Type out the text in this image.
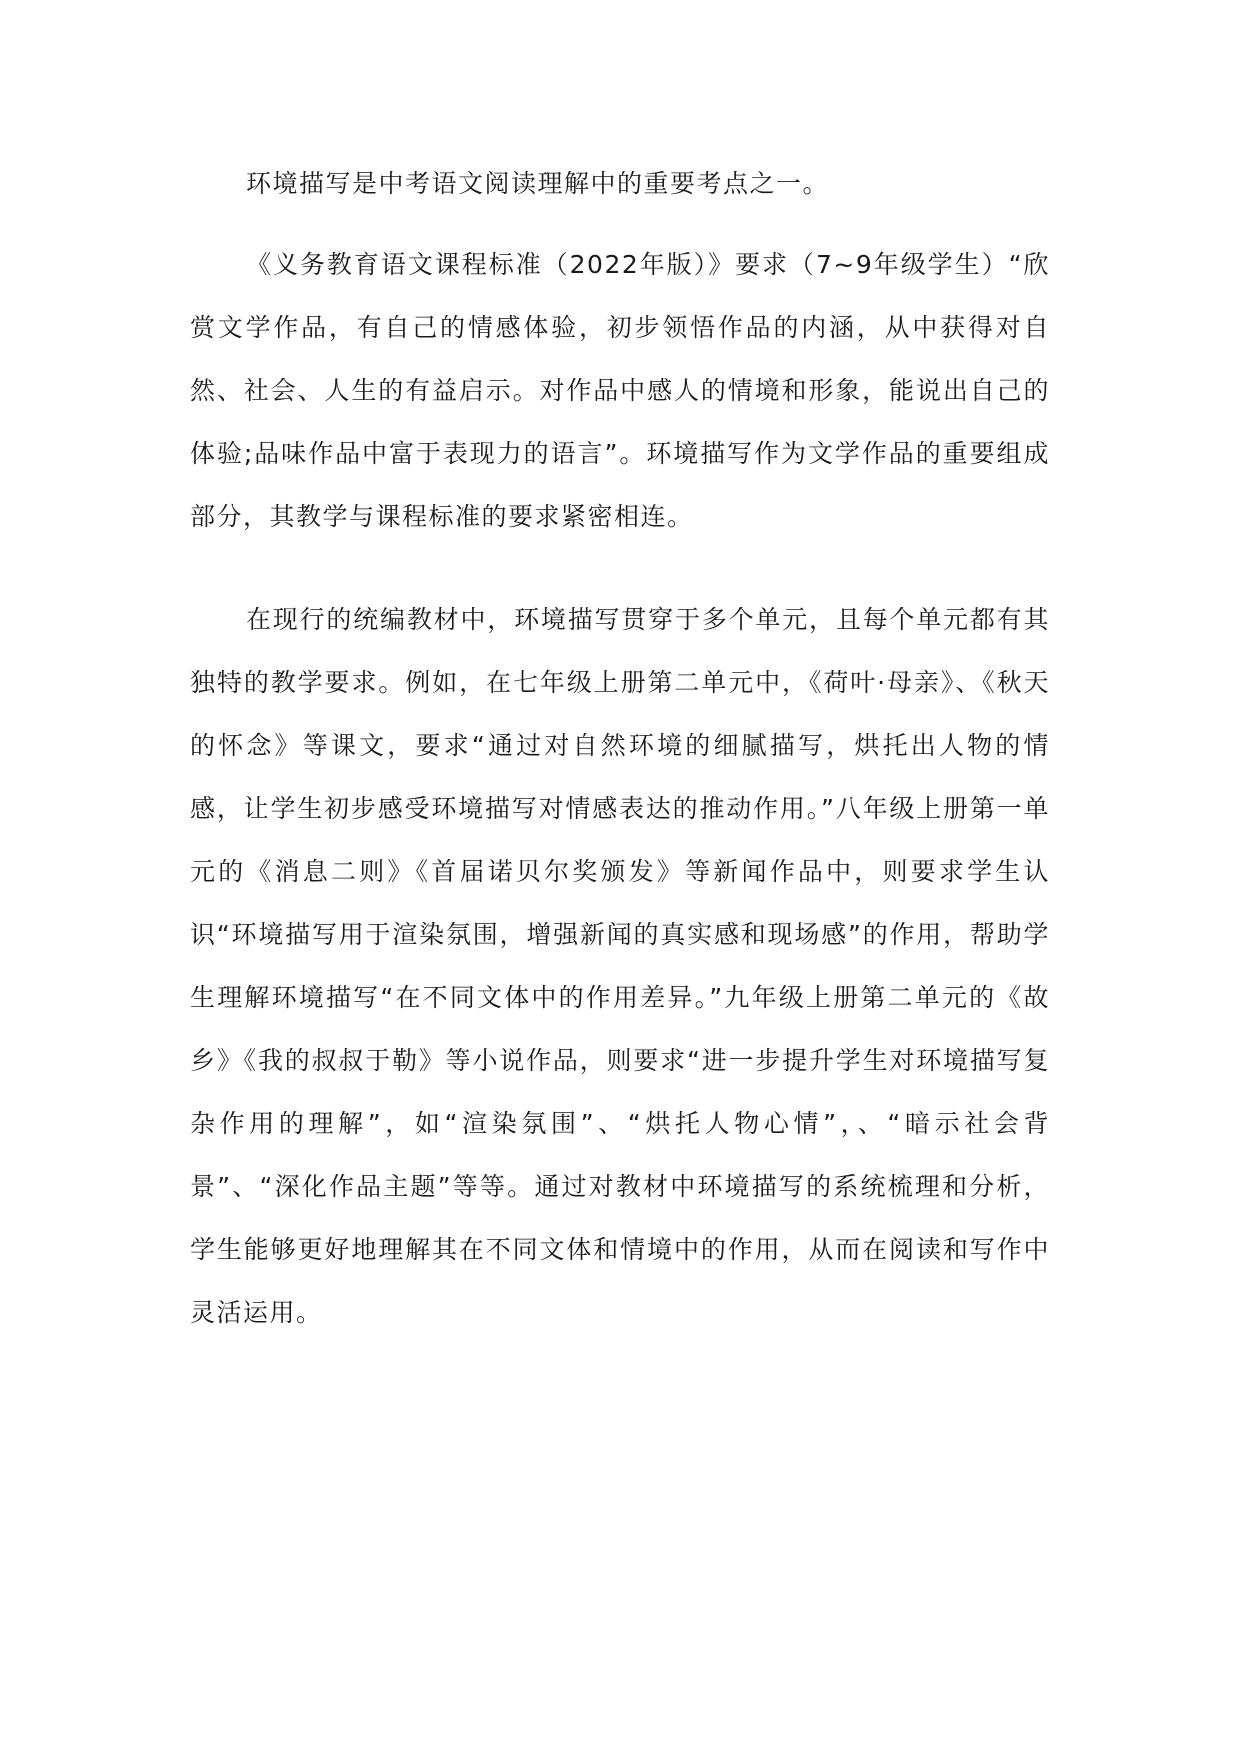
环境描写是中考语文阅读理解中的重要考点之一。

《义务教育语文课程标准（2022年版）》要求（7~9年级学生）“欣赏文学作品，有自己的情感体验，初步领悟作品的内涵，从中获得对自然、社会、人生的有益启示。对作品中感人的情境和形象，能说出自己的体验;品味作品中富于表现力的语言”。环境描写作为文学作品的重要组成部分，其教学与课程标准的要求紧密相连。

在现行的统编教材中，环境描写贯穿于多个单元，且每个单元都有其独特的教学要求。例如，在七年级上册第二单元中，《荷叶·母亲》、《秋天的怀念》等课文，要求“通过对自然环境的细腻描写，烘托出人物的情感，让学生初步感受环境描写对情感表达的推动作用。”八年级上册第一单元的《消息二则》《首届诺贝尔奖颁发》等新闻作品中，则要求学生认识“环境描写用于渲染氛围，增强新闻的真实感和现场感”的作用，帮助学生理解环境描写“在不同文体中的作用差异。”九年级上册第二单元的《故乡》《我的叔叔于勒》等小说作品，则要求“进一步提升学生对环境描写复杂作用的理解”，如“渲染氛围”、“烘托人物心情”，、“暗示社会背景”、“深化作品主题”等等。通过对教材中环境描写的系统梳理和分析，学生能够更好地理解其在不同文体和情境中的作用，从而在阅读和写作中灵活运用。
